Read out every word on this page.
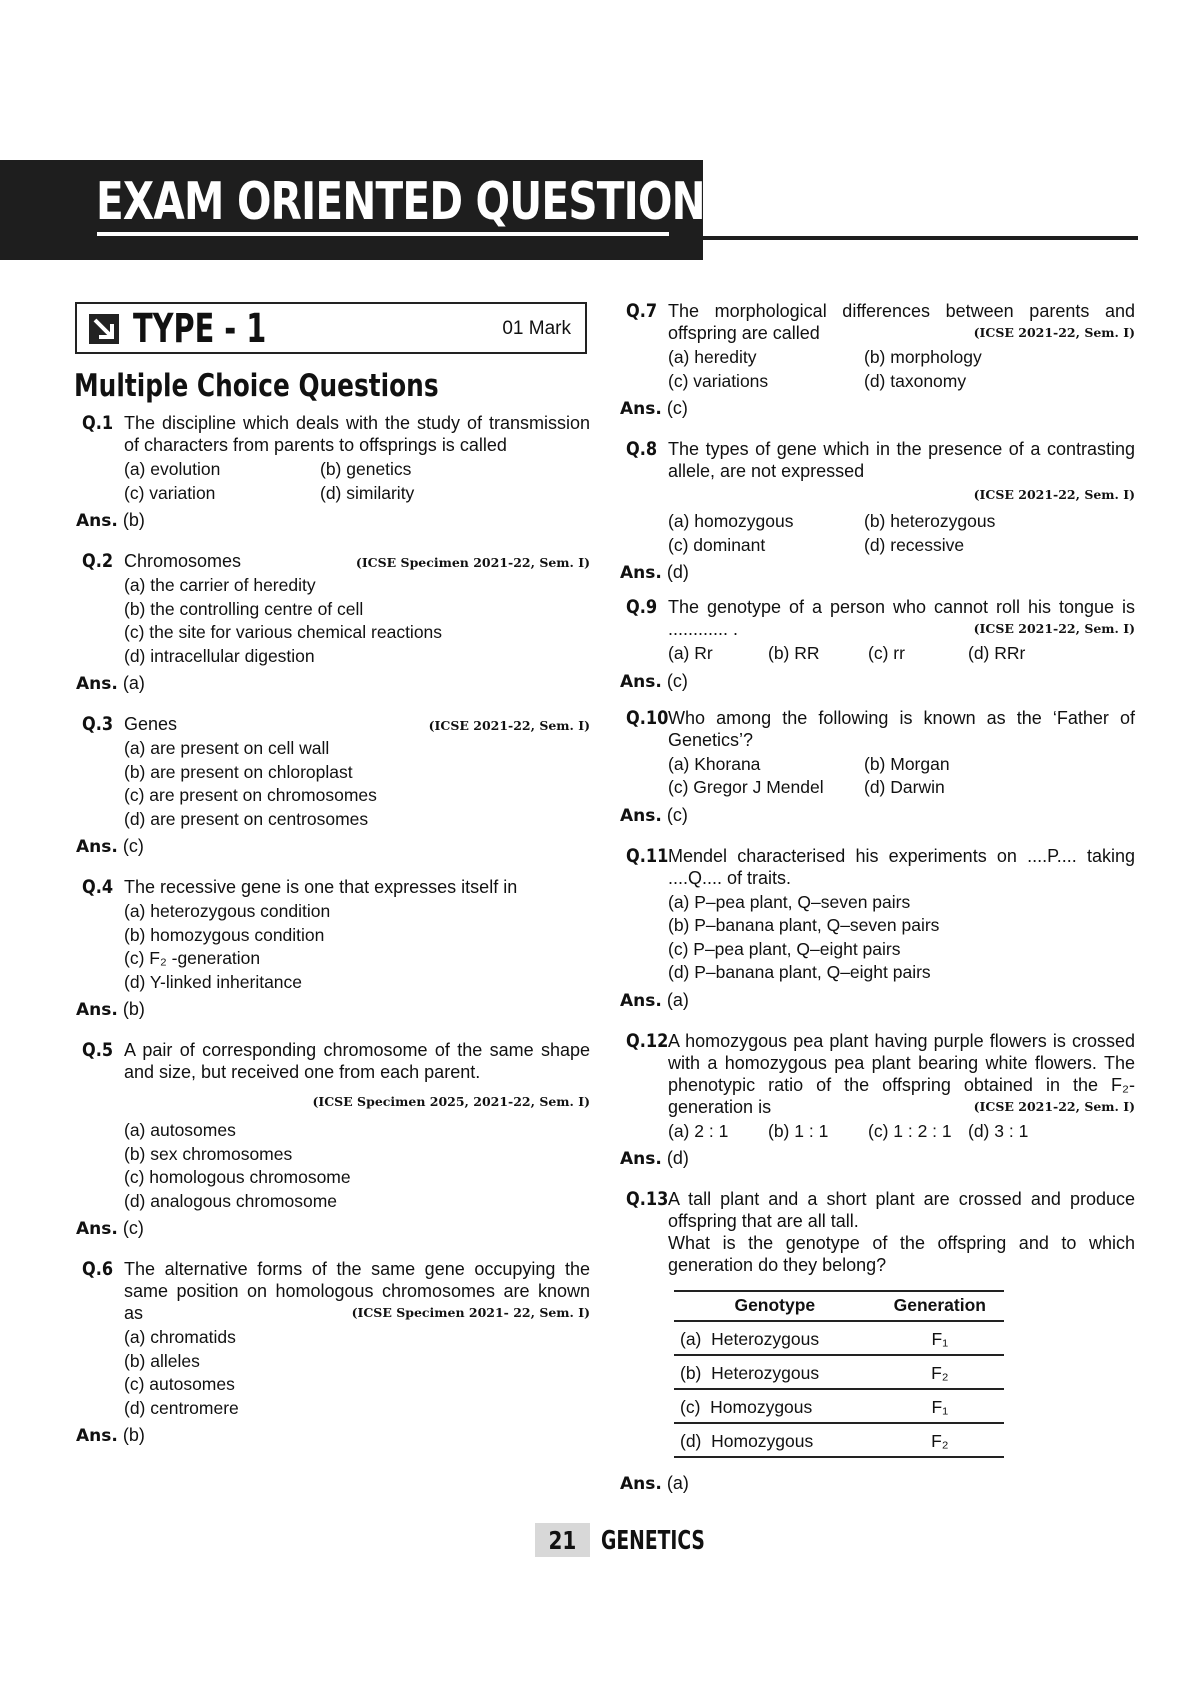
EXAM ORIENTED QUESTIONS
TYPE - 1	01 Mark
Multiple Choice Questions
Q.1 The discipline which deals with the study of transmission of characters from parents to offsprings is called

(a) evolution	(b) genetics
(c) variation	(d) similarity
Ans. (b)
Q.2	(ICSE Specimen 2021-22, Sem. I)
Chromosomes

(a) the carrier of heredity
(b) the controlling centre of cell
(c) the site for various chemical reactions
(d) intracellular digestion
Ans. (a)
Q.3	(ICSE 2021-22, Sem. I)
Genes

(a) are present on cell wall
(b) are present on chloroplast
(c) are present on chromosomes
(d) are present on centrosomes
Ans. (c)
Q.4 The recessive gene is one that expresses itself in

(a) heterozygous condition
(b) homozygous condition
(c) F₂ -generation
(d) Y-linked inheritance
Ans. (b)
Q.5 A pair of corresponding chromosome of the same shape and size, but received one from each parent.

(ICSE Specimen 2025, 2021-22, Sem. I)
(a) autosomes
(b) sex chromosomes
(c) homologous chromosome
(d) analogous chromosome
Ans. (c)
Q.6 The alternative forms of the same gene occupying the same position on homologous chromosomes are known as	(ICSE Specimen 2021- 22, Sem. I)
(a) chromatids
(b) alleles
(c) autosomes
(d) centromere
Ans. (b)
Q.7 The morphological differences between parents and offspring are called	(ICSE 2021-22, Sem. I)
(a) heredity	(b) morphology
(c) variations	(d) taxonomy
Ans. (c)
Q.8 The types of gene which in the presence of a contrasting allele, are not expressed

(ICSE 2021-22, Sem. I)
(a) homozygous	(b) heterozygous
(c) dominant	(d) recessive
Ans. (d)
Q.9 The genotype of a person who cannot roll his tongue is ............ .	(ICSE 2021-22, Sem. I)
(a) Rr	(b) RR	(c) rr	(d) RRr
Ans. (c)
Q.10 Who among the following is known as the ‘Father of Genetics’?

(a) Khorana	(b) Morgan
(c) Gregor J Mendel	(d) Darwin
Ans. (c)
Q.11 Mendel characterised his experiments on ....P.... taking ....Q.... of traits.

(a) P–pea plant, Q–seven pairs
(b) P–banana plant, Q–seven pairs
(c) P–pea plant, Q–eight pairs
(d) P–banana plant, Q–eight pairs
Ans. (a)
Q.12 A homozygous pea plant having purple flowers is crossed with a homozygous pea plant bearing white flowers. The phenotypic ratio of the offspring obtained in the F₂-generation is	(ICSE 2021-22, Sem. I)
(a) 2 : 1	(b) 1 : 1	(c) 1 : 2 : 1 (d) 3 : 1
Ans. (d)
Q.13 A tall plant and a short plant are crossed and produce offspring that are all tall.

What is the genotype of the offspring and to which generation do they belong?

Genotype	Generation
(a) Heterozygous	F₁
(b) Heterozygous	F₂
(c) Homozygous	F₁
(d) Homozygous	F₂
Ans. (a)
21 GENETICS
